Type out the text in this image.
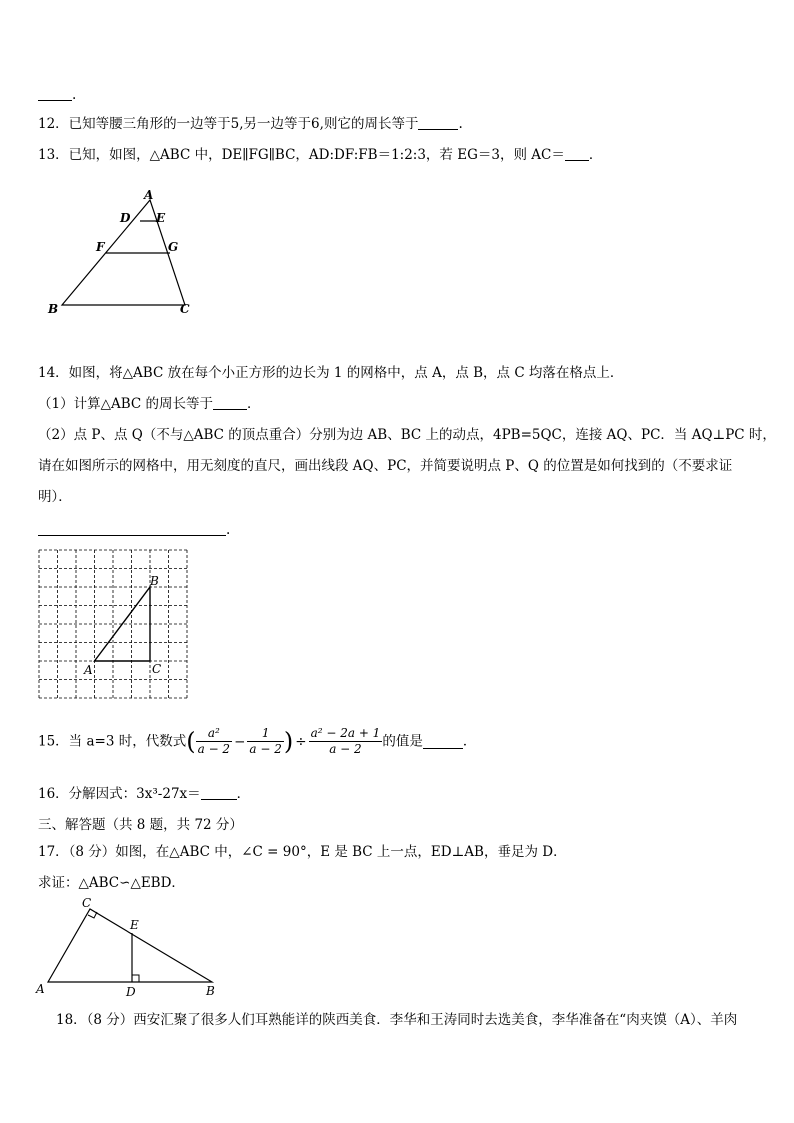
.
12．已知等腰三角形的一边等于5,另一边等于6,则它的周长等于	.
13．已知，如图，△ABC 中，DE∥FG∥BC，AD:DF:FB＝1:2:3，若 EG＝3，则 AC＝ ．
A
D E
F	G
B	C
14．如图，将△ABC 放在每个小正方形的边长为 1 的网格中，点 A，点 B，点 C 均落在格点上．
（1）计算△ABC 的周长等于	．
（2）点 P、点 Q（不与△ABC 的顶点重合）分别为边 AB、BC 上的动点，4PB=5QC，连接 AQ、PC．当 AQ⊥PC 时，
请在如图所示的网格中，用无刻度的直尺，画出线段 AQ、PC，并简要说明点 P、Q 的位置是如何找到的（不要求证
明）．
.
A
B
C
15．当 a=3 时，代数式( $\frac{\text{a²}}{a - 2} - \frac{1}{a - 2}$ ) ÷ $\frac{\text{a² − 2a + 1}}{a - 2}$ 的值是	．
16．分解因式：3x³-27x＝	．
三、解答题（共 8 题，共 72 分）
17．（8 分）如图，在△ABC 中，∠C = 90°，E 是 BC 上一点，ED⊥AB，垂足为 D．
求证：△ABC∽△EBD．
C
E
A	D	B
18．（8 分）西安汇聚了很多人们耳熟能详的陕西美食．李华和王涛同时去选美食，李华准备在“肉夹馍（A）、羊肉
